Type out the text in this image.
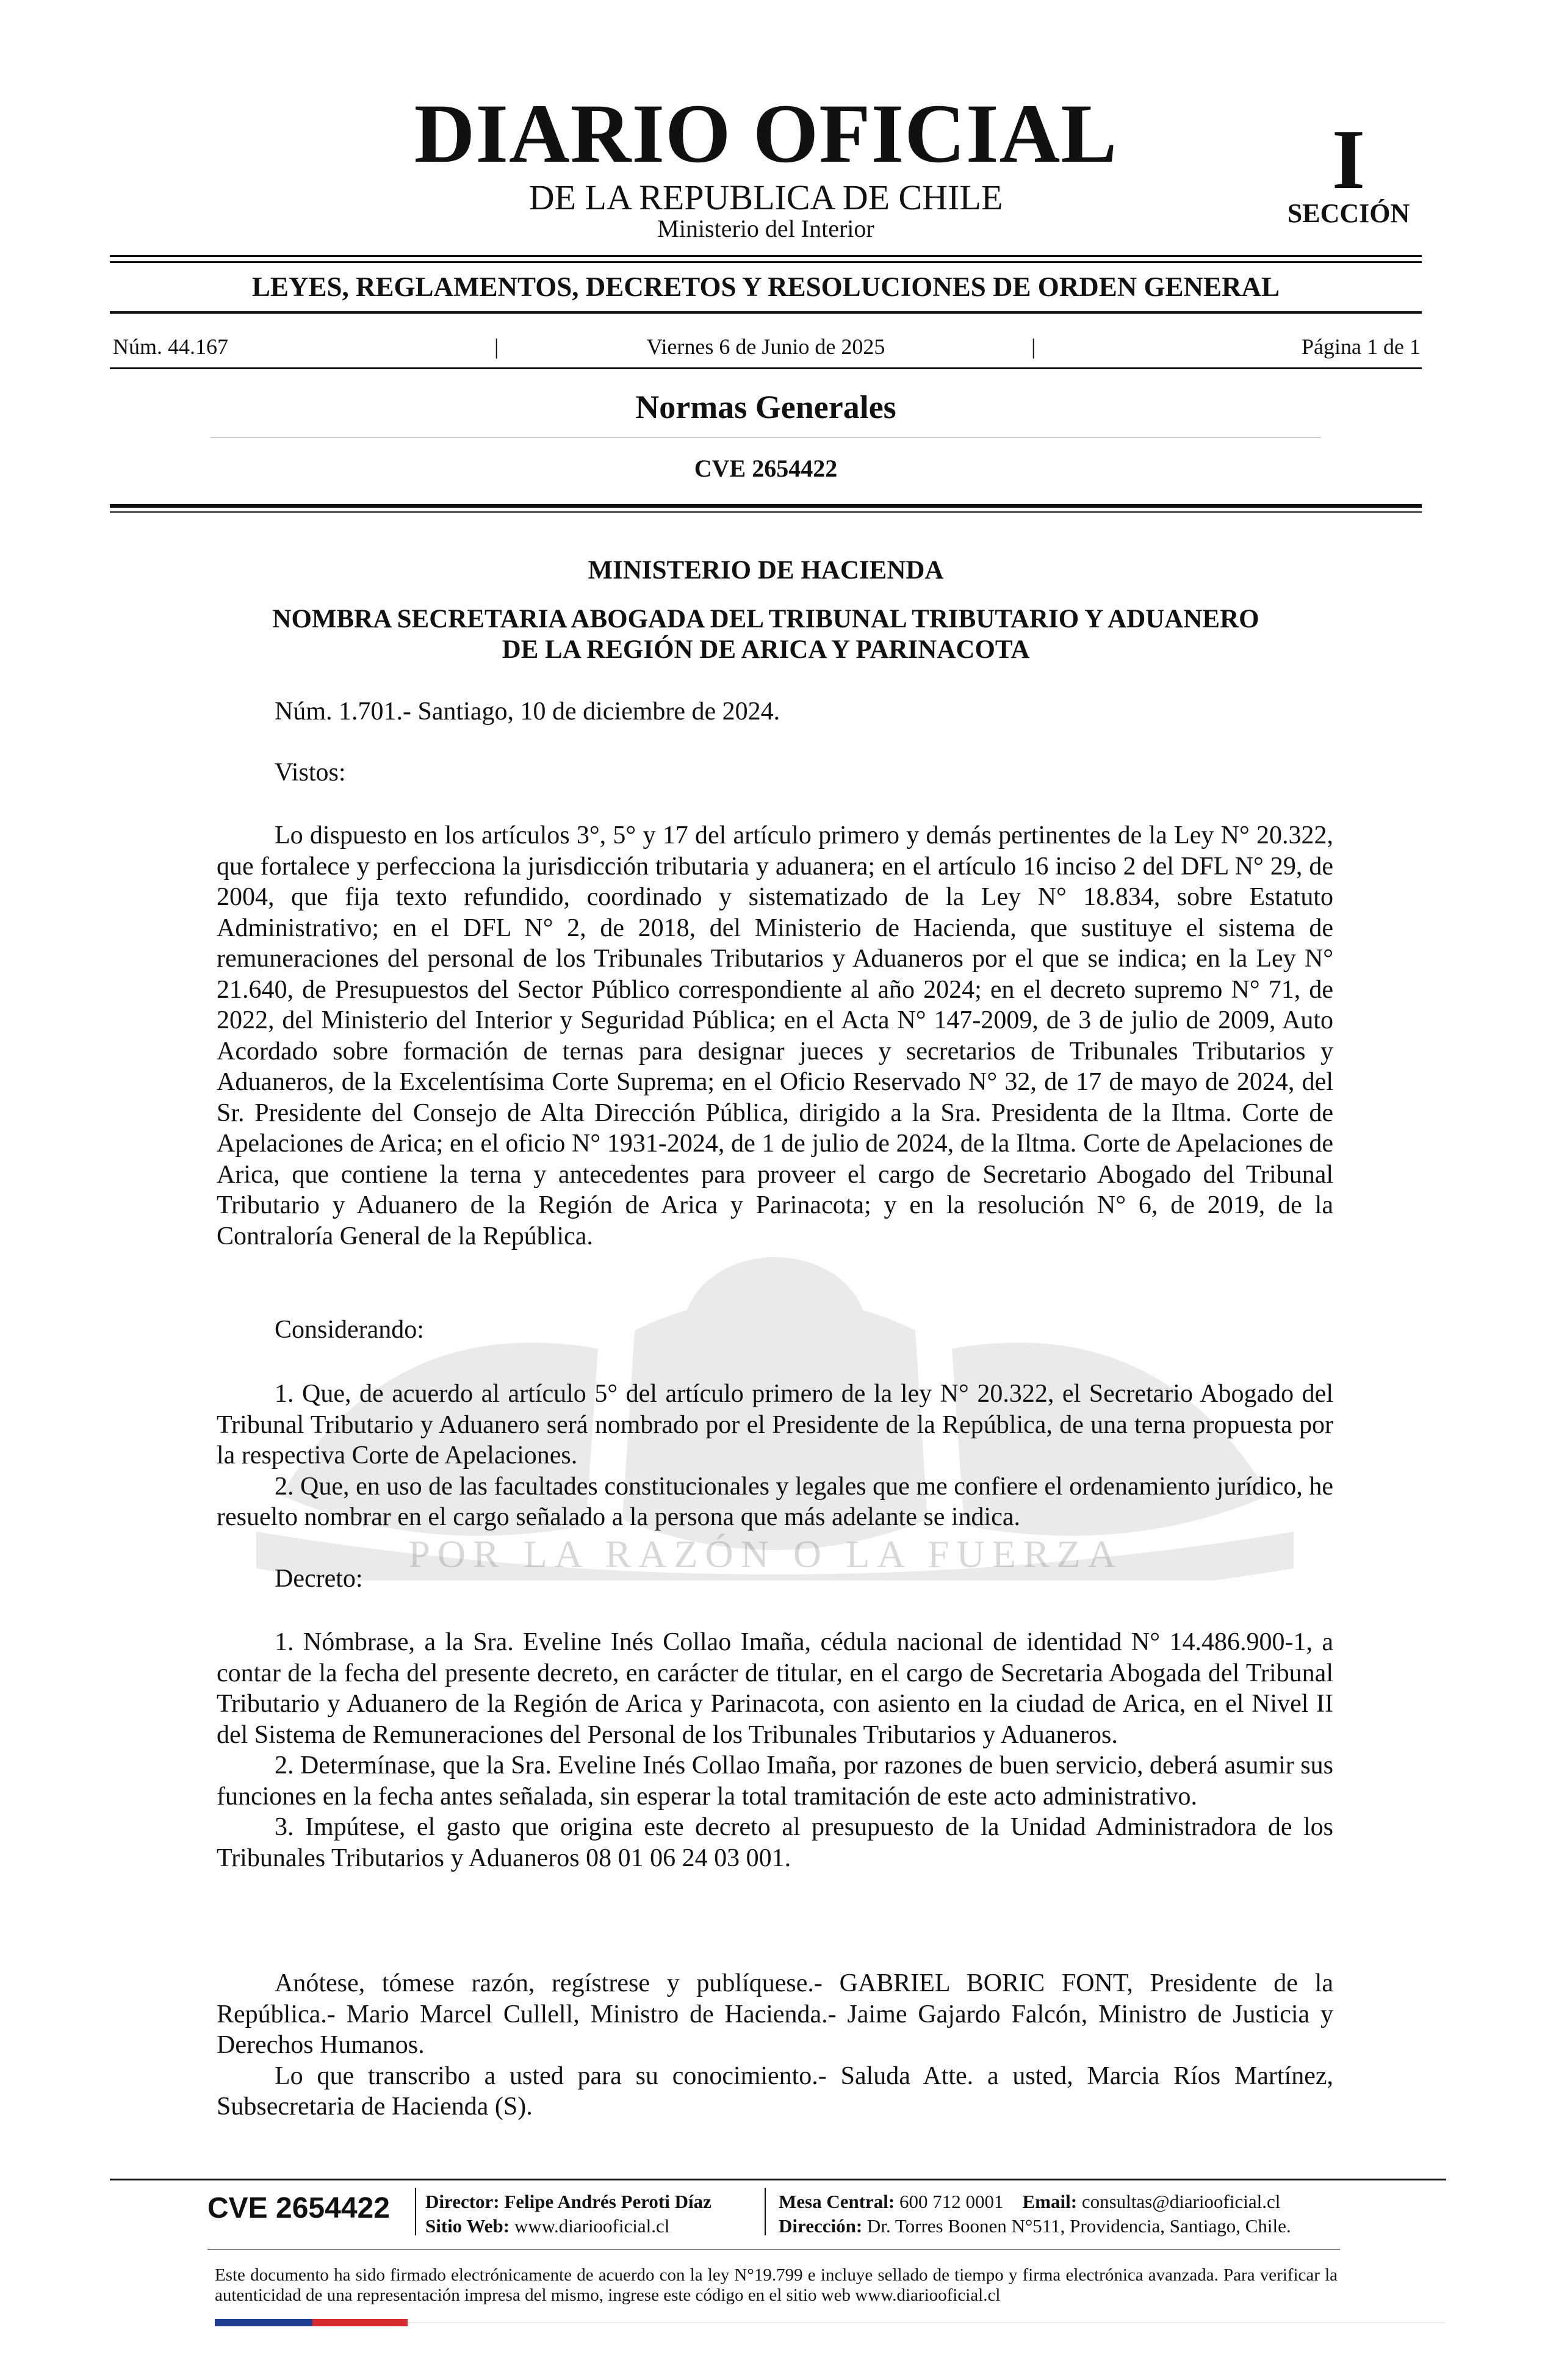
POR LA RAZÓN O LA FUERZA
DIARIO OFICIAL
DE LA REPUBLICA DE CHILE
Ministerio del Interior
I
SECCIÓN
LEYES, REGLAMENTOS, DECRETOS Y RESOLUCIONES DE ORDEN GENERAL
Núm. 44.167	|	Viernes 6 de Junio de 2025	|	Página 1 de 1
Normas Generales
CVE 2654422
MINISTERIO DE HACIENDA
NOMBRA SECRETARIA ABOGADA DEL TRIBUNAL TRIBUTARIO Y ADUANERO
DE LA REGIÓN DE ARICA Y PARINACOTA
Núm. 1.701.- Santiago, 10 de diciembre de 2024.
Vistos:

Lo dispuesto en los artículos 3°, 5° y 17 del artículo primero y demás pertinentes de la Ley N° 20.322, que fortalece y perfecciona la jurisdicción tributaria y aduanera; en el artículo 16 inciso 2 del DFL N° 29, de 2004, que fija texto refundido, coordinado y sistematizado de la Ley N° 18.834, sobre Estatuto Administrativo; en el DFL N° 2, de 2018, del Ministerio de Hacienda, que sustituye el sistema de remuneraciones del personal de los Tribunales Tributarios y Aduaneros por el que se indica; en la Ley N° 21.640, de Presupuestos del Sector Público correspondiente al año 2024; en el decreto supremo N° 71, de 2022, del Ministerio del Interior y Seguridad Pública; en el Acta N° 147-2009, de 3 de julio de 2009, Auto Acordado sobre formación de ternas para designar jueces y secretarios de Tribunales Tributarios y Aduaneros, de la Excelentísima Corte Suprema; en el Oficio Reservado N° 32, de 17 de mayo de 2024, del Sr. Presidente del Consejo de Alta Dirección Pública, dirigido a la Sra. Presidenta de la Iltma. Corte de Apelaciones de Arica; en el oficio N° 1931-2024, de 1 de julio de 2024, de la Iltma. Corte de Apelaciones de Arica, que contiene la terna y antecedentes para proveer el cargo de Secretario Abogado del Tribunal Tributario y Aduanero de la Región de Arica y Parinacota; y en la resolución N° 6, de 2019, de la Contraloría General de la República.

Considerando:

1. Que, de acuerdo al artículo 5° del artículo primero de la ley N° 20.322, el Secretario Abogado del Tribunal Tributario y Aduanero será nombrado por el Presidente de la República, de una terna propuesta por la respectiva Corte de Apelaciones.

2. Que, en uso de las facultades constitucionales y legales que me confiere el ordenamiento jurídico, he resuelto nombrar en el cargo señalado a la persona que más adelante se indica.

Decreto:

1. Nómbrase, a la Sra. Eveline Inés Collao Imaña, cédula nacional de identidad N° 14.486.900-1, a contar de la fecha del presente decreto, en carácter de titular, en el cargo de Secretaria Abogada del Tribunal Tributario y Aduanero de la Región de Arica y Parinacota, con asiento en la ciudad de Arica, en el Nivel II del Sistema de Remuneraciones del Personal de los Tribunales Tributarios y Aduaneros.

2. Determínase, que la Sra. Eveline Inés Collao Imaña, por razones de buen servicio, deberá asumir sus funciones en la fecha antes señalada, sin esperar la total tramitación de este acto administrativo.

3. Impútese, el gasto que origina este decreto al presupuesto de la Unidad Administradora de los Tribunales Tributarios y Aduaneros 08 01 06 24 03 001.

Anótese, tómese razón, regístrese y publíquese.- GABRIEL BORIC FONT, Presidente de la República.- Mario Marcel Cullell, Ministro de Hacienda.- Jaime Gajardo Falcón, Ministro de Justicia y Derechos Humanos.

Lo que transcribo a usted para su conocimiento.- Saluda Atte. a usted, Marcia Ríos Martínez, Subsecretaria de Hacienda (S).

CVE 2654422 Director: Felipe Andrés Peroti Díaz
Sitio Web: www.diariooficial.cl
Mesa Central: 600 712 0001 Email: consultas@diariooficial.cl
Dirección: Dr. Torres Boonen N°511, Providencia, Santiago, Chile.
Este documento ha sido firmado electrónicamente de acuerdo con la ley N°19.799 e incluye sellado de tiempo y firma electrónica avanzada. Para verificar la autenticidad de una representación impresa del mismo, ingrese este código en el sitio web www.diariooficial.cl
